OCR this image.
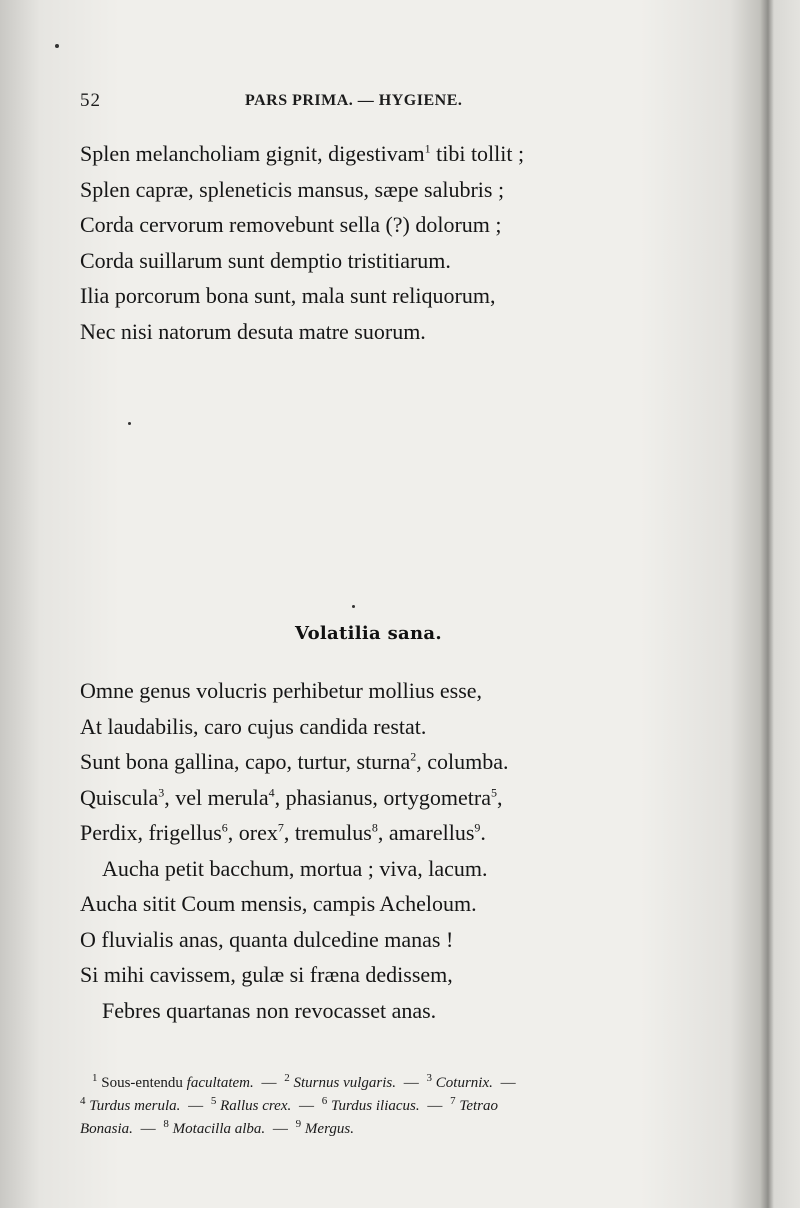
52	PARS PRIMA. — HYGIENE.
Splen melancholiam gignit, digestivam$^1$ tibi tollit ;
Splen capræ, spleneticis mansus, sæpe salubris ;
Corda cervorum removebunt sella (?) dolorum ;
Corda suillarum sunt demptio tristitiarum.
Ilia porcorum bona sunt, mala sunt reliquorum,
Nec nisi natorum desuta matre suorum.
Volatilia sana.
Omne genus volucris perhibetur mollius esse,
At laudabilis, caro cujus candida restat.
Sunt bona gallina, capo, turtur, sturna$^2$, columba.
Quiscula$^3$, vel merula$^4$, phasianus, ortygometra$^5$,
Perdix, frigellus$^6$, orex$^7$, tremulus$^8$, amarellus$^9$.
Aucha petit bacchum, mortua ; viva, lacum.
Aucha sitit Coum mensis, campis Acheloum.
O fluvialis anas, quanta dulcedine manas !
Si mihi cavissem, gulæ si fræna dedissem,
Febres quartanas non revocasset anas.
$^1$ Sous-entendu facultatem. — $^2$ Sturnus vulgaris. — $^3$ Coturnix. —
$^4$ Turdus merula. — $^5$ Rallus crex. — $^6$ Turdus iliacus. — $^7$ Tetrao
Bonasia. — $^8$ Motacilla alba. — $^9$ Mergus.
